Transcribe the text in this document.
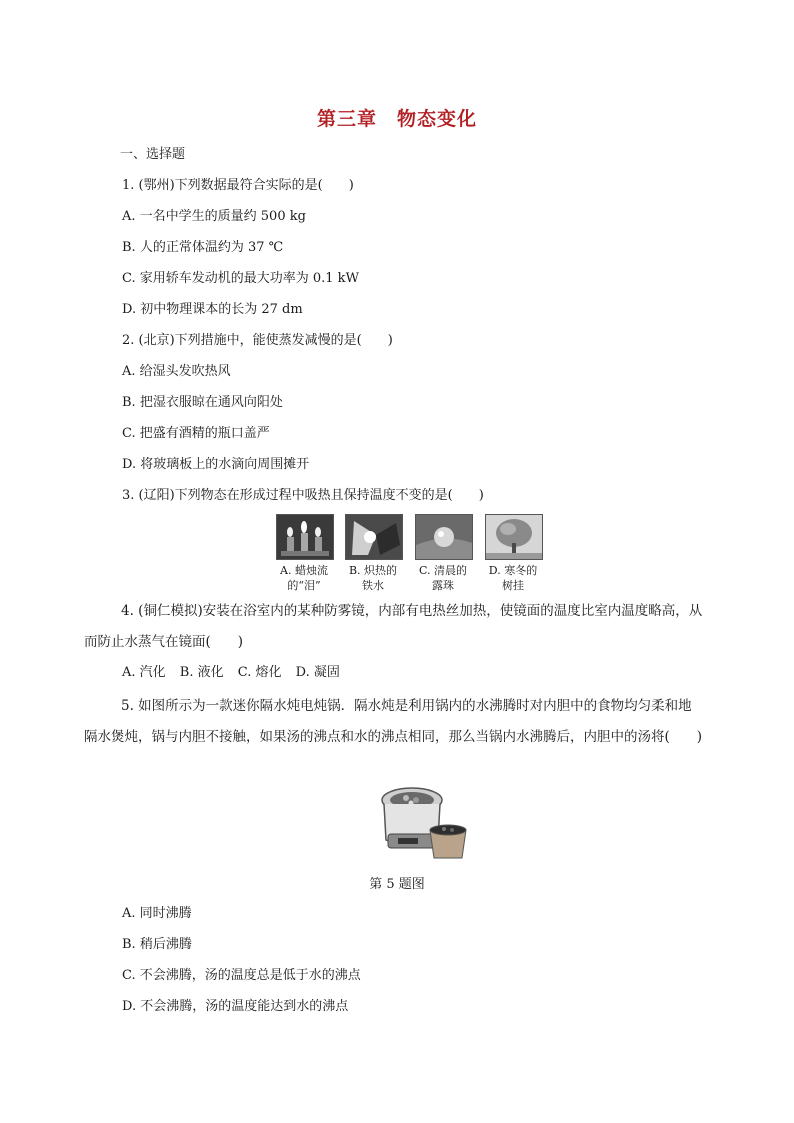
第三章　物态变化
一、选择题
1. (鄂州)下列数据最符合实际的是(　　)
A. 一名中学生的质量约 500 kg
B. 人的正常体温约为 37 ℃
C. 家用轿车发动机的最大功率为 0.1 kW
D. 初中物理课本的长为 27 dm
2. (北京)下列措施中，能使蒸发减慢的是(　　)
A. 给湿头发吹热风
B. 把湿衣服晾在通风向阳处
C. 把盛有酒精的瓶口盖严
D. 将玻璃板上的水滴向周围摊开
3. (辽阳)下列物态在形成过程中吸热且保持温度不变的是(　　)
A. 蜡烛流
的“泪”
B. 炽热的
铁水
C. 清晨的
露珠
D. 寒冬的
树挂
4. (铜仁模拟)安装在浴室内的某种防雾镜，内部有电热丝加热，使镜面的温度比室内温度略高，从而防止水蒸气在镜面(　　)
A. 汽化 B. 液化 C. 熔化 D. 凝固
5. 如图所示为一款迷你隔水炖电炖锅．隔水炖是利用锅内的水沸腾时对内胆中的食物均匀柔和地隔水煲炖，锅与内胆不接触，如果汤的沸点和水的沸点相同，那么当锅内水沸腾后，内胆中的汤将(　　)
第 5 题图
A. 同时沸腾
B. 稍后沸腾
C. 不会沸腾，汤的温度总是低于水的沸点
D. 不会沸腾，汤的温度能达到水的沸点
